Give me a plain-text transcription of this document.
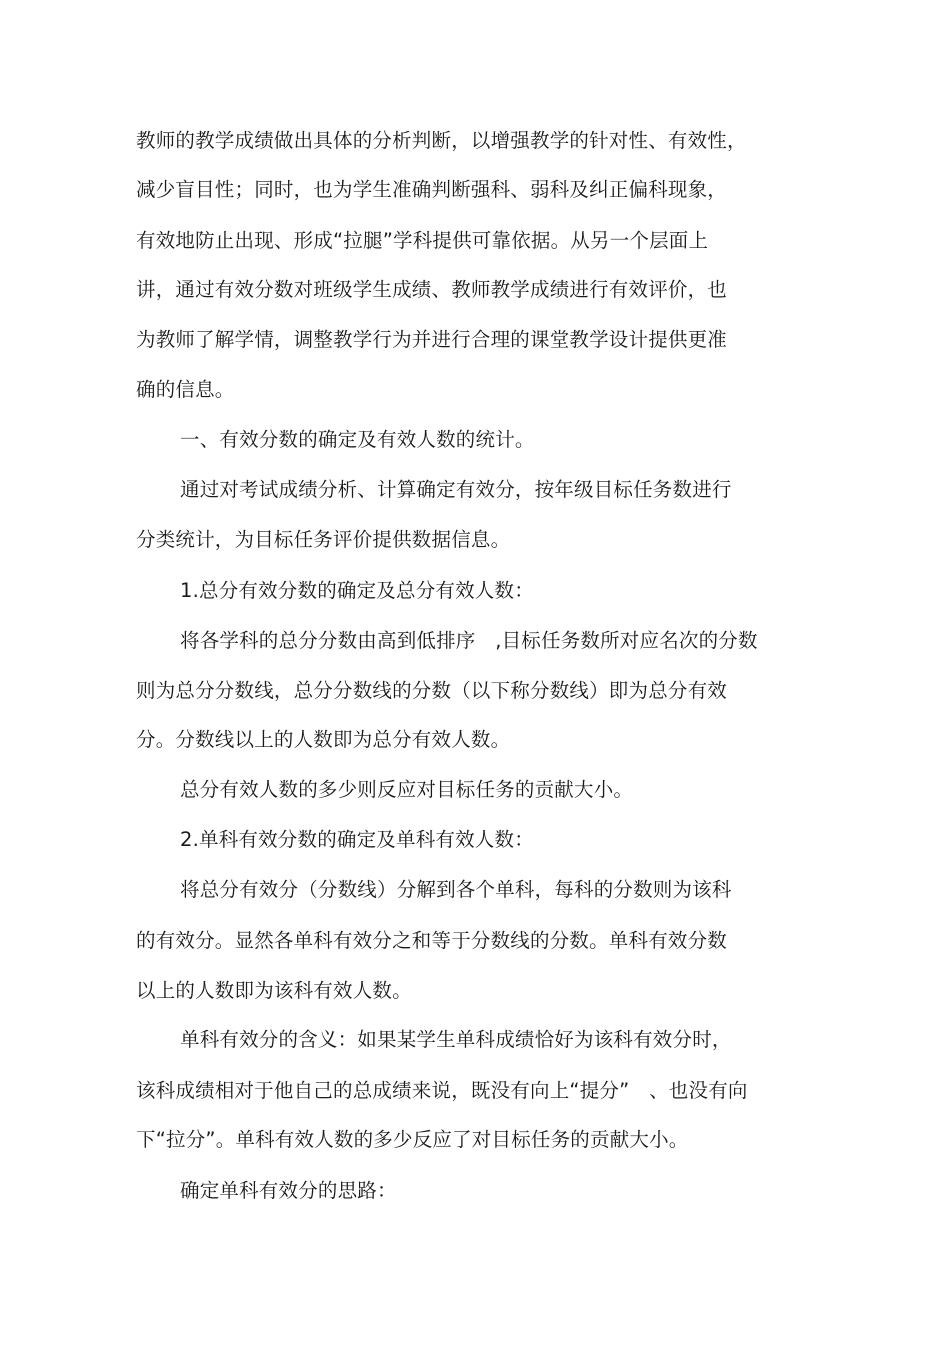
教师的教学成绩做出具体的分析判断，以增强教学的针对性、有效性，
减少盲目性；同时，也为学生准确判断强科、弱科及纠正偏科现象，
有效地防止出现、形成“拉腿”学科提供可靠依据。从另一个层面上
讲，通过有效分数对班级学生成绩、教师教学成绩进行有效评价，也
为教师了解学情，调整教学行为并进行合理的课堂教学设计提供更准
确的信息。
一、有效分数的确定及有效人数的统计。
通过对考试成绩分析、计算确定有效分，按年级目标任务数进行
分类统计，为目标任务评价提供数据信息。
1.总分有效分数的确定及总分有效人数：
将各学科的总分分数由高到低排序　,目标任务数所对应名次的分数
则为总分分数线，总分分数线的分数（以下称分数线）即为总分有效
分。分数线以上的人数即为总分有效人数。
总分有效人数的多少则反应对目标任务的贡献大小。
2.单科有效分数的确定及单科有效人数：
将总分有效分（分数线）分解到各个单科，每科的分数则为该科
的有效分。显然各单科有效分之和等于分数线的分数。单科有效分数
以上的人数即为该科有效人数。
单科有效分的含义：如果某学生单科成绩恰好为该科有效分时，
该科成绩相对于他自己的总成绩来说，既没有向上“提分”　、也没有向
下“拉分”。单科有效人数的多少反应了对目标任务的贡献大小。
确定单科有效分的思路：
